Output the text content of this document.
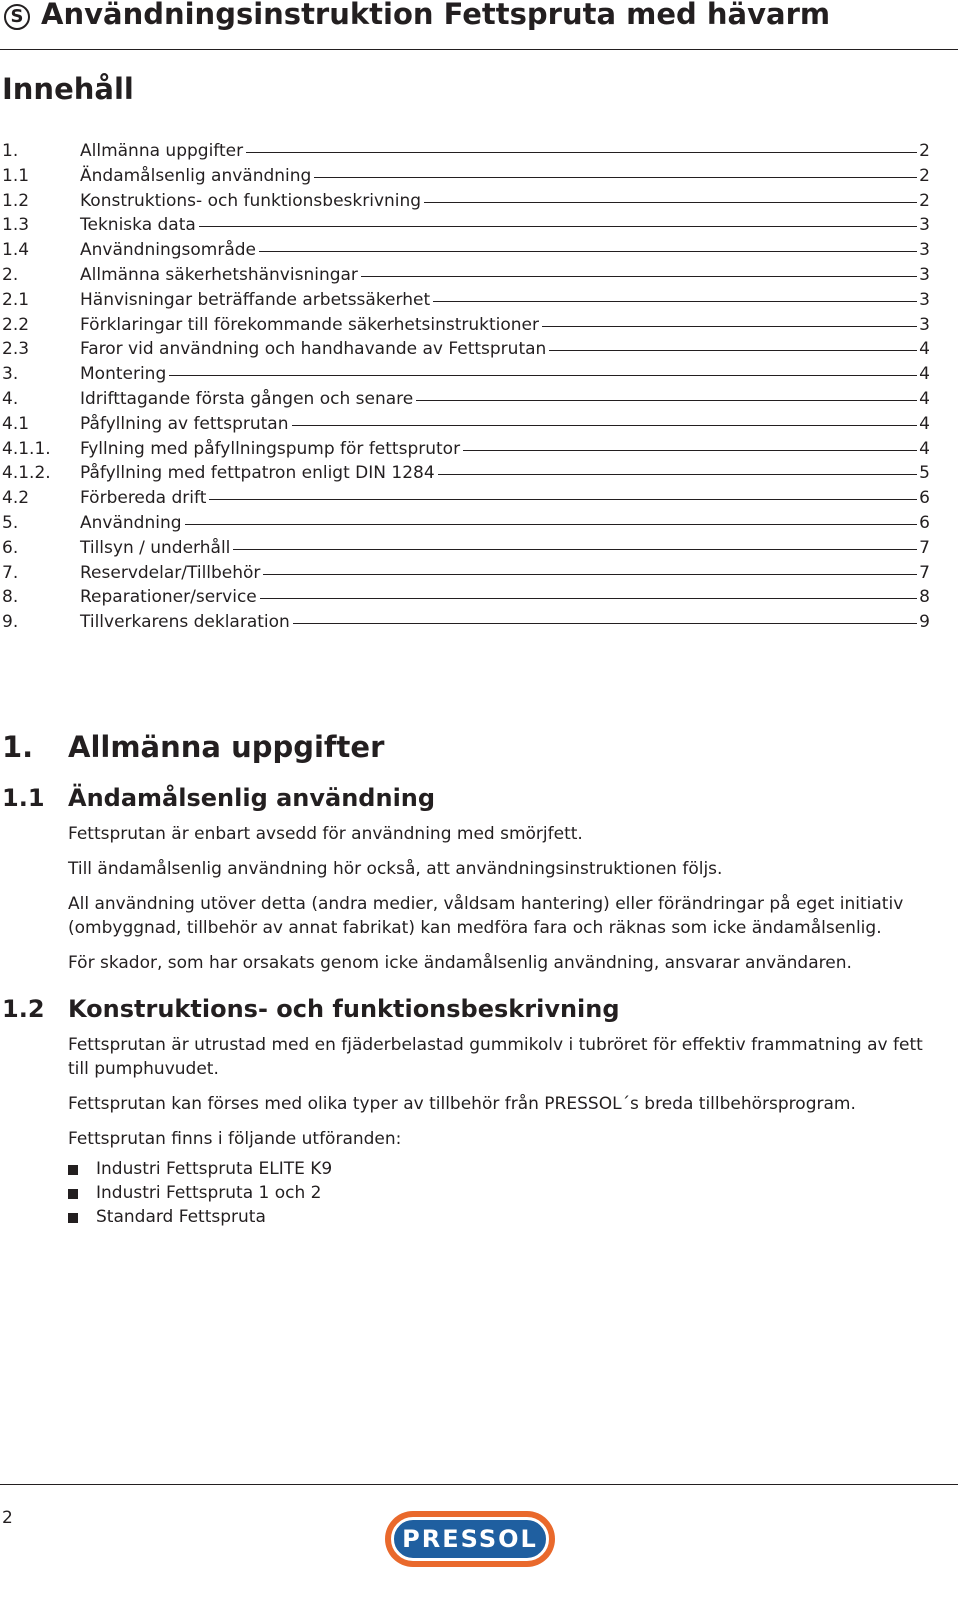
S Användningsinstruktion Fettspruta med hävarm
Innehåll
1.	Allmänna uppgifter	2
1.1	Ändamålsenlig användning	2
1.2	Konstruktions- och funktionsbeskrivning	2
1.3	Tekniska data	3
1.4	Användningsområde	3
2.	Allmänna säkerhetshänvisningar	3
2.1	Hänvisningar beträffande arbetssäkerhet	3
2.2	Förklaringar till förekommande säkerhetsinstruktioner	3
2.3	Faror vid användning och handhavande av Fettsprutan	4
3.	Montering	4
4.	Idrifttagande första gången och senare	4
4.1	Påfyllning av fettsprutan	4
4.1.1. Fyllning med påfyllningspump för fettsprutor	4
4.1.2. Påfyllning med fettpatron enligt DIN 1284	5
4.2	Förbereda drift	6
5.	Användning	6
6.	Tillsyn / underhåll	7
7.	Reservdelar/Tillbehör	7
8.	Reparationer/service	8
9.	Tillverkarens deklaration	9
1. Allmänna uppgifter
1.1 Ändamålsenlig användning

Fettsprutan är enbart avsedd för användning med smörjfett.

Till ändamålsenlig användning hör också, att användningsinstruktionen följs.

All användning utöver detta (andra medier, våldsam hantering) eller förändringar på eget initiativ (ombyggnad, tillbehör av annat fabrikat) kan medföra fara och räknas som icke ändamålsenlig.

För skador, som har orsakats genom icke ändamålsenlig användning, ansvarar användaren.

1.2 Konstruktions- och funktionsbeskrivning

Fettsprutan är utrustad med en fjäderbelastad gummikolv i tubröret för effektiv frammatning av fett till pumphuvudet.

Fettsprutan kan förses med olika typer av tillbehör från PRESSOL´s breda tillbehörsprogram.

Fettsprutan finns i följande utföranden:

Industri Fettspruta ELITE K9
Industri Fettspruta 1 och 2
Standard Fettspruta
2
PRESSOL
